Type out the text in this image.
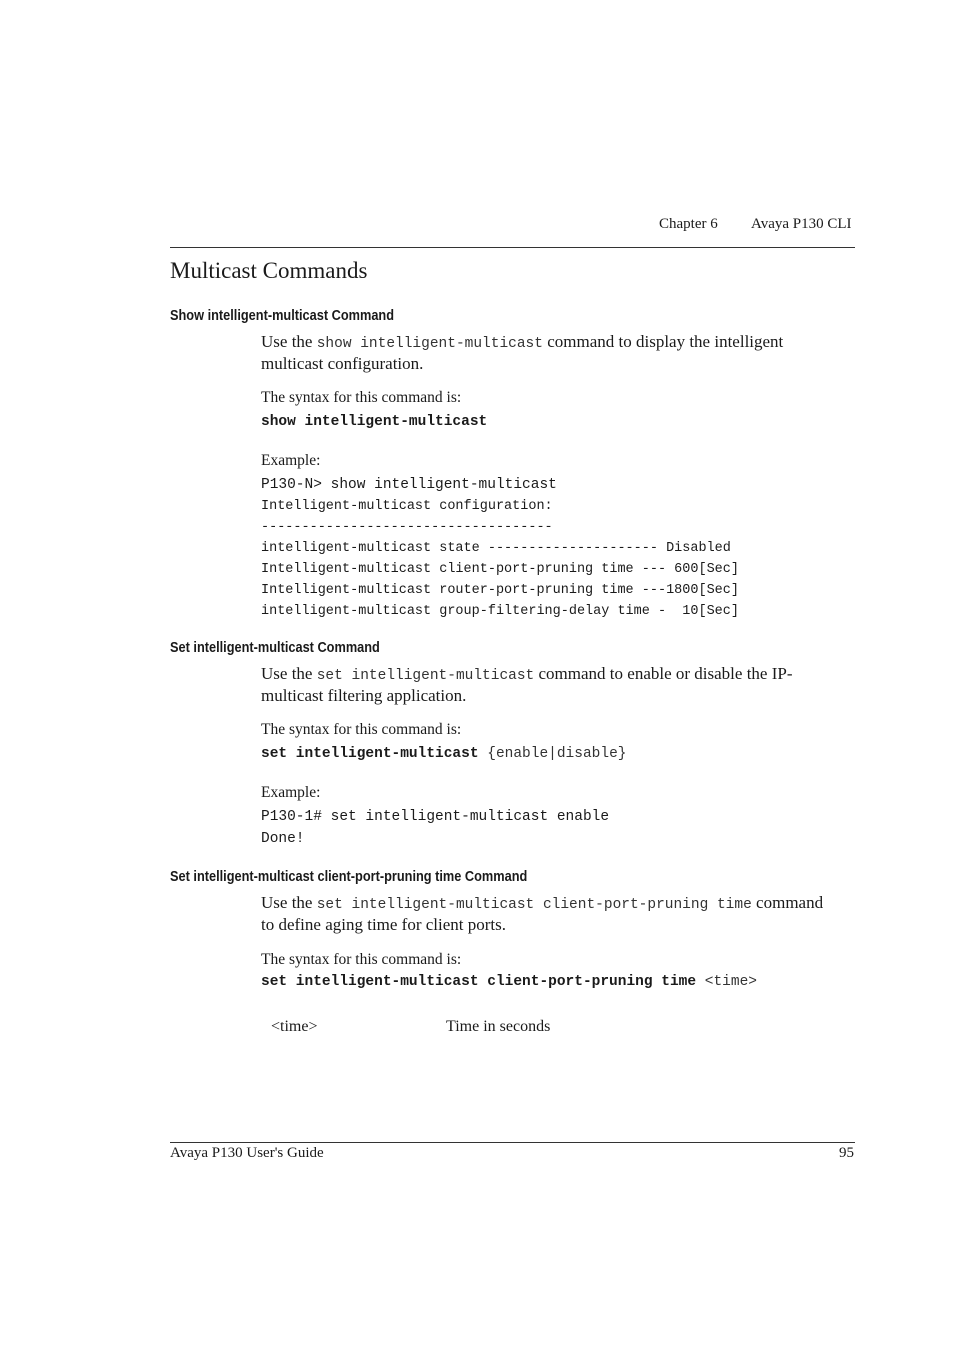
Chapter 6 Avaya P130 CLI
Multicast Commands
Show intelligent-multicast Command
Use the show intelligent-multicast command to display the intelligent multicast configuration.
The syntax for this command is:
show intelligent-multicast
Example:
P130-N> show intelligent-multicast
Intelligent-multicast configuration:
------------------------------------
intelligent-multicast state --------------------- Disabled
Intelligent-multicast client-port-pruning time --- 600[Sec]
Intelligent-multicast router-port-pruning time ---1800[Sec]
intelligent-multicast group-filtering-delay time -  10[Sec]
Set intelligent-multicast Command
Use the set intelligent-multicast command to enable or disable the IP-multicast filtering application.
The syntax for this command is:
set intelligent-multicast {enable|disable}
Example:
P130-1# set intelligent-multicast enable
Done!
Set intelligent-multicast client-port-pruning time Command
Use the set intelligent-multicast client-port-pruning time command to define aging time for client ports.
The syntax for this command is:
set intelligent-multicast client-port-pruning time <time>
<time>	Time in seconds
Avaya P130 User's Guide	95
